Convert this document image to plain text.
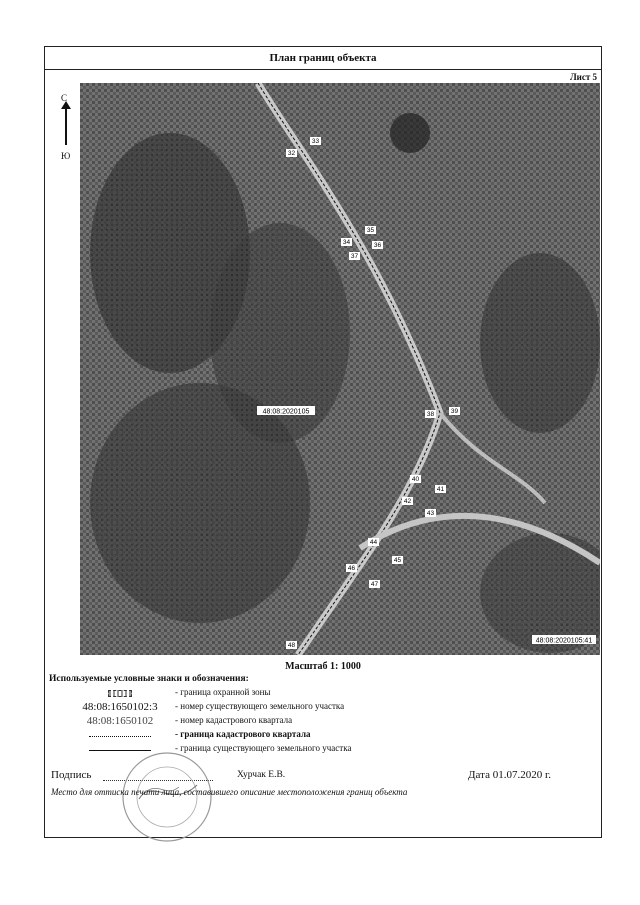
План границ объекта
Лист 5
С
Ю
48:08:2020105
48:08:2020105:41
32
33
34
35
36
37
38	39
40
41
42
43
44
45
46
47
48
Масштаб 1: 1000
Используемые условные знаки и обозначения:
- граница охранной зоны
48:08:1650102:3	- номер существующего земельного участка
48:08:1650102	- номер кадастрового квартала
- граница кадастрового квартала
- граница существующего земельного участка
Подпись	Хурчак Е.В.	Дата 01.07.2020 г.
Место для оттиска печати лица, составившего описание местоположения границ объекта
